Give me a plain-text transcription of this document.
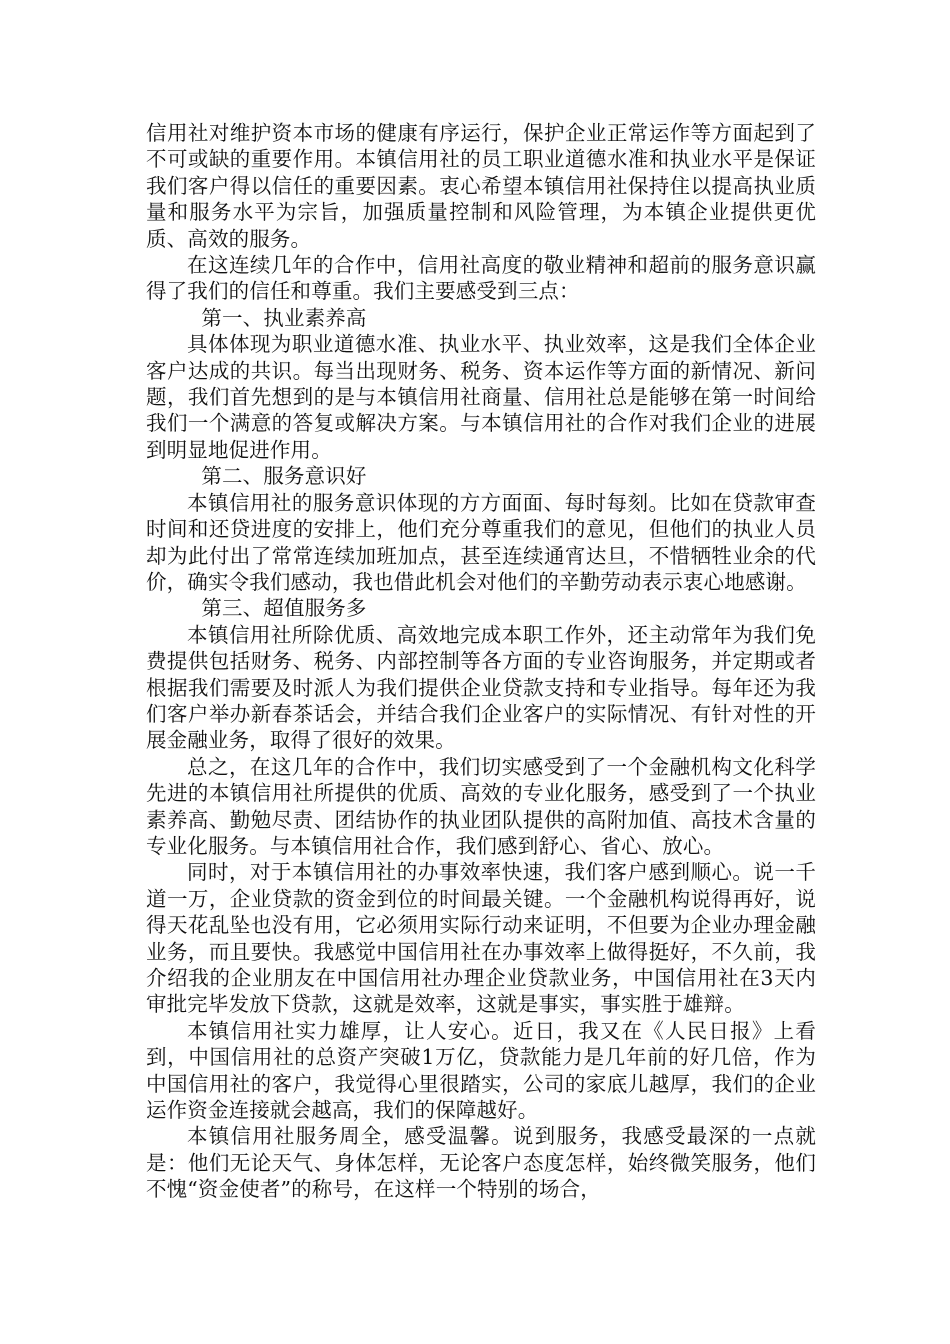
信用社对维护资本市场的健康有序运行，保护企业正常运作等方面起到了不可或缺的重要作用。本镇信用社的员工职业道德水准和执业水平是保证我们客户得以信任的重要因素。衷心希望本镇信用社保持住以提高执业质量和服务水平为宗旨，加强质量控制和风险管理，为本镇企业提供更优质、高效的服务。

在这连续几年的合作中，信用社高度的敬业精神和超前的服务意识赢得了我们的信任和尊重。我们主要感受到三点：

第一、执业素养高

具体体现为职业道德水准、执业水平、执业效率，这是我们全体企业客户达成的共识。每当出现财务、税务、资本运作等方面的新情况、新问题，我们首先想到的是与本镇信用社商量、信用社总是能够在第一时间给我们一个满意的答复或解决方案。与本镇信用社的合作对我们企业的进展到明显地促进作用。

第二、服务意识好

本镇信用社的服务意识体现的方方面面、每时每刻。比如在贷款审查时间和还贷进度的安排上，他们充分尊重我们的意见，但他们的执业人员却为此付出了常常连续加班加点，甚至连续通宵达旦，不惜牺牲业余的代价，确实令我们感动，我也借此机会对他们的辛勤劳动表示衷心地感谢。

第三、超值服务多

本镇信用社所除优质、高效地完成本职工作外，还主动常年为我们免费提供包括财务、税务、内部控制等各方面的专业咨询服务，并定期或者根据我们需要及时派人为我们提供企业贷款支持和专业指导。每年还为我们客户举办新春茶话会，并结合我们企业客户的实际情况、有针对性的开展金融业务，取得了很好的效果。

总之，在这几年的合作中，我们切实感受到了一个金融机构文化科学先进的本镇信用社所提供的优质、高效的专业化服务，感受到了一个执业素养高、勤勉尽责、团结协作的执业团队提供的高附加值、高技术含量的专业化服务。与本镇信用社合作，我们感到舒心、省心、放心。

同时，对于本镇信用社的办事效率快速，我们客户感到顺心。说一千道一万，企业贷款的资金到位的时间最关键。一个金融机构说得再好，说得天花乱坠也没有用，它必须用实际行动来证明，不但要为企业办理金融业务，而且要快。我感觉中国信用社在办事效率上做得挺好，不久前，我介绍我的企业朋友在中国信用社办理企业贷款业务，中国信用社在3天内审批完毕发放下贷款，这就是效率，这就是事实，事实胜于雄辩。

本镇信用社实力雄厚，让人安心。近日，我又在《人民日报》上看到，中国信用社的总资产突破1万亿，贷款能力是几年前的好几倍，作为中国信用社的客户，我觉得心里很踏实，公司的家底儿越厚，我们的企业运作资金连接就会越高，我们的保障越好。

本镇信用社服务周全，感受温馨。说到服务，我感受最深的一点就是：他们无论天气、身体怎样，无论客户态度怎样，始终微笑服务，他们不愧“资金使者”的称号，在这样一个特别的场合，
